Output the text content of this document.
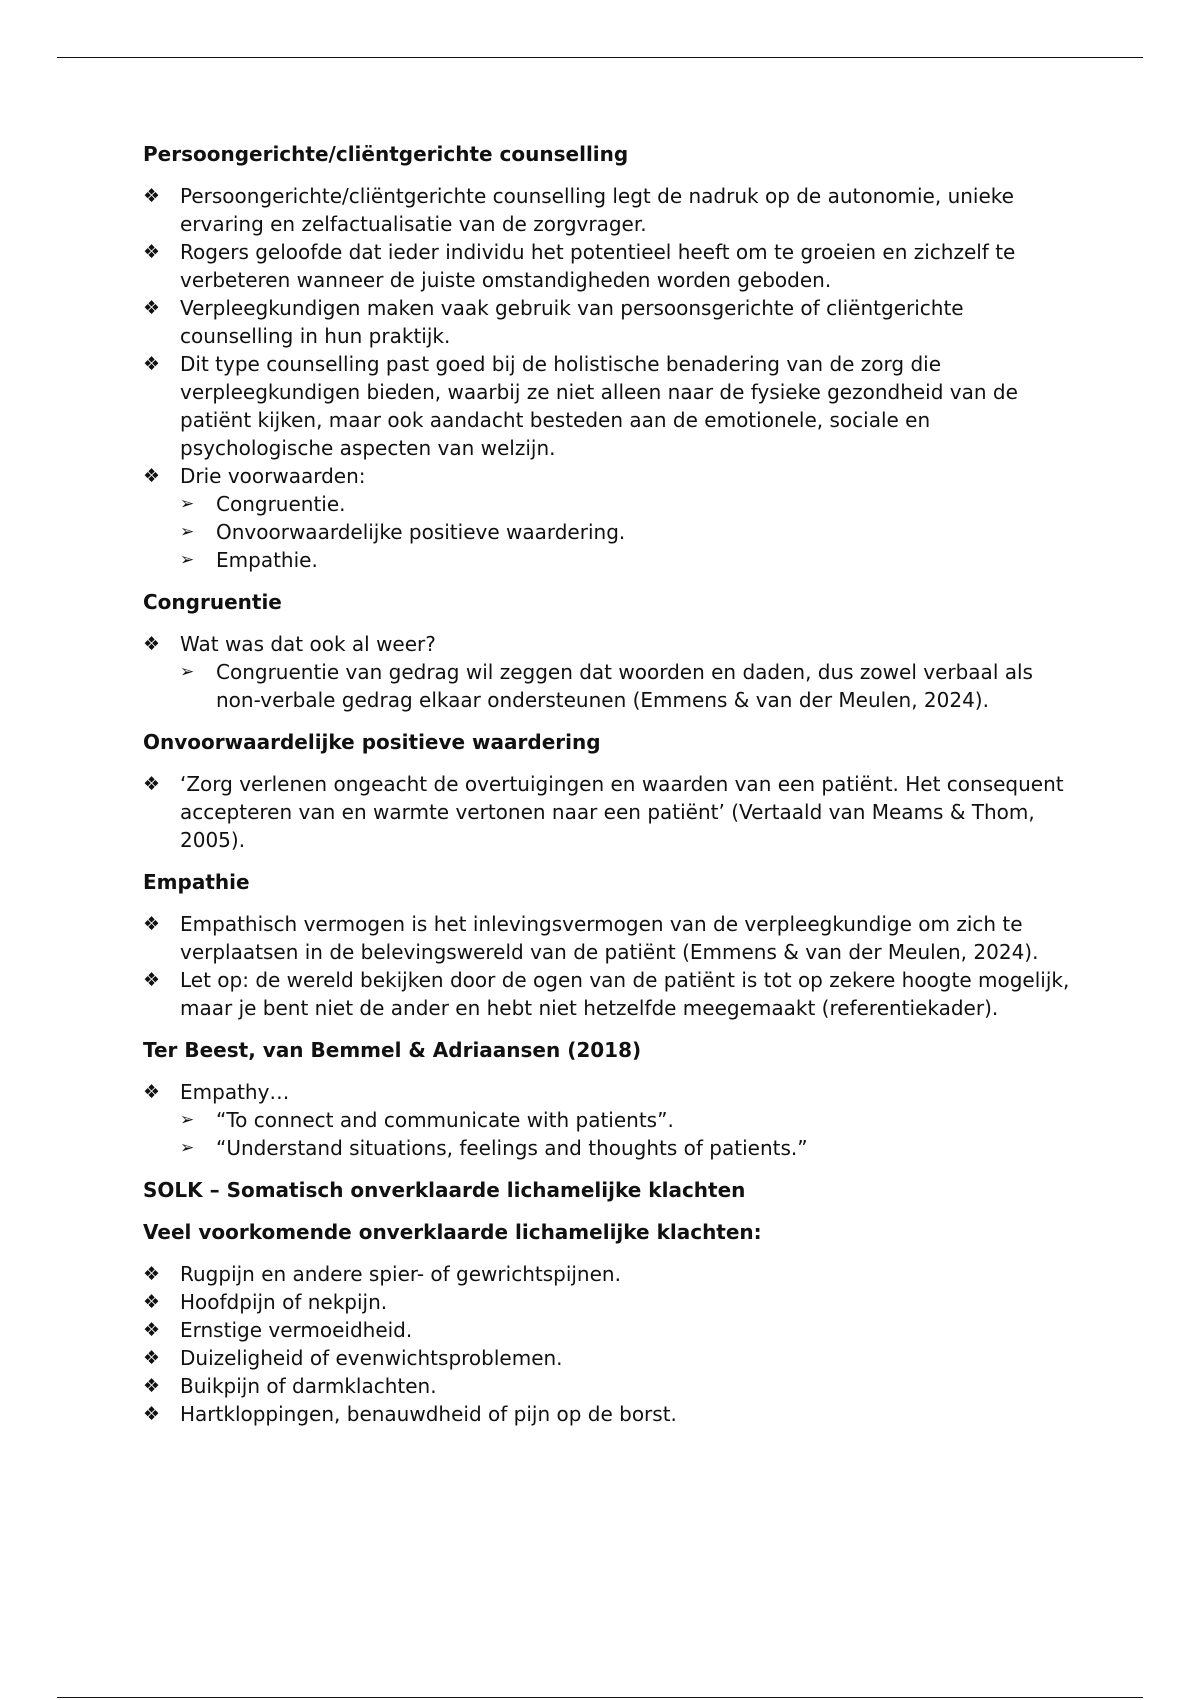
Persoongerichte/cliëntgerichte counselling
❖ Persoongerichte/cliëntgerichte counselling legt de nadruk op de autonomie, unieke ervaring en zelfactualisatie van de zorgvrager.
❖ Rogers geloofde dat ieder individu het potentieel heeft om te groeien en zichzelf te verbeteren wanneer de juiste omstandigheden worden geboden.
❖ Verpleegkundigen maken vaak gebruik van persoonsgerichte of cliëntgerichte counselling in hun praktijk.
❖ Dit type counselling past goed bij de holistische benadering van de zorg die verpleegkundigen bieden, waarbij ze niet alleen naar de fysieke gezondheid van de patiënt kijken, maar ook aandacht besteden aan de emotionele, sociale en psychologische aspecten van welzijn.
❖ Drie voorwaarden:
➢ Congruentie.
➢ Onvoorwaardelijke positieve waardering.
➢ Empathie.
Congruentie
❖ Wat was dat ook al weer?
➢ Congruentie van gedrag wil zeggen dat woorden en daden, dus zowel verbaal als non-verbale gedrag elkaar ondersteunen (Emmens & van der Meulen, 2024).
Onvoorwaardelijke positieve waardering
❖ ‘Zorg verlenen ongeacht de overtuigingen en waarden van een patiënt. Het consequent accepteren van en warmte vertonen naar een patiënt’ (Vertaald van Meams & Thom, 2005).
Empathie
❖ Empathisch vermogen is het inlevingsvermogen van de verpleegkundige om zich te verplaatsen in de belevingswereld van de patiënt (Emmens & van der Meulen, 2024).
❖ Let op: de wereld bekijken door de ogen van de patiënt is tot op zekere hoogte mogelijk, maar je bent niet de ander en hebt niet hetzelfde meegemaakt (referentiekader).
Ter Beest, van Bemmel & Adriaansen (2018)
❖ Empathy…
➢ “To connect and communicate with patients”.
➢ “Understand situations, feelings and thoughts of patients.”
SOLK – Somatisch onverklaarde lichamelijke klachten
Veel voorkomende onverklaarde lichamelijke klachten:
❖ Rugpijn en andere spier- of gewrichtspijnen.
❖ Hoofdpijn of nekpijn.
❖ Ernstige vermoeidheid.
❖ Duizeligheid of evenwichtsproblemen.
❖ Buikpijn of darmklachten.
❖ Hartkloppingen, benauwdheid of pijn op de borst.
